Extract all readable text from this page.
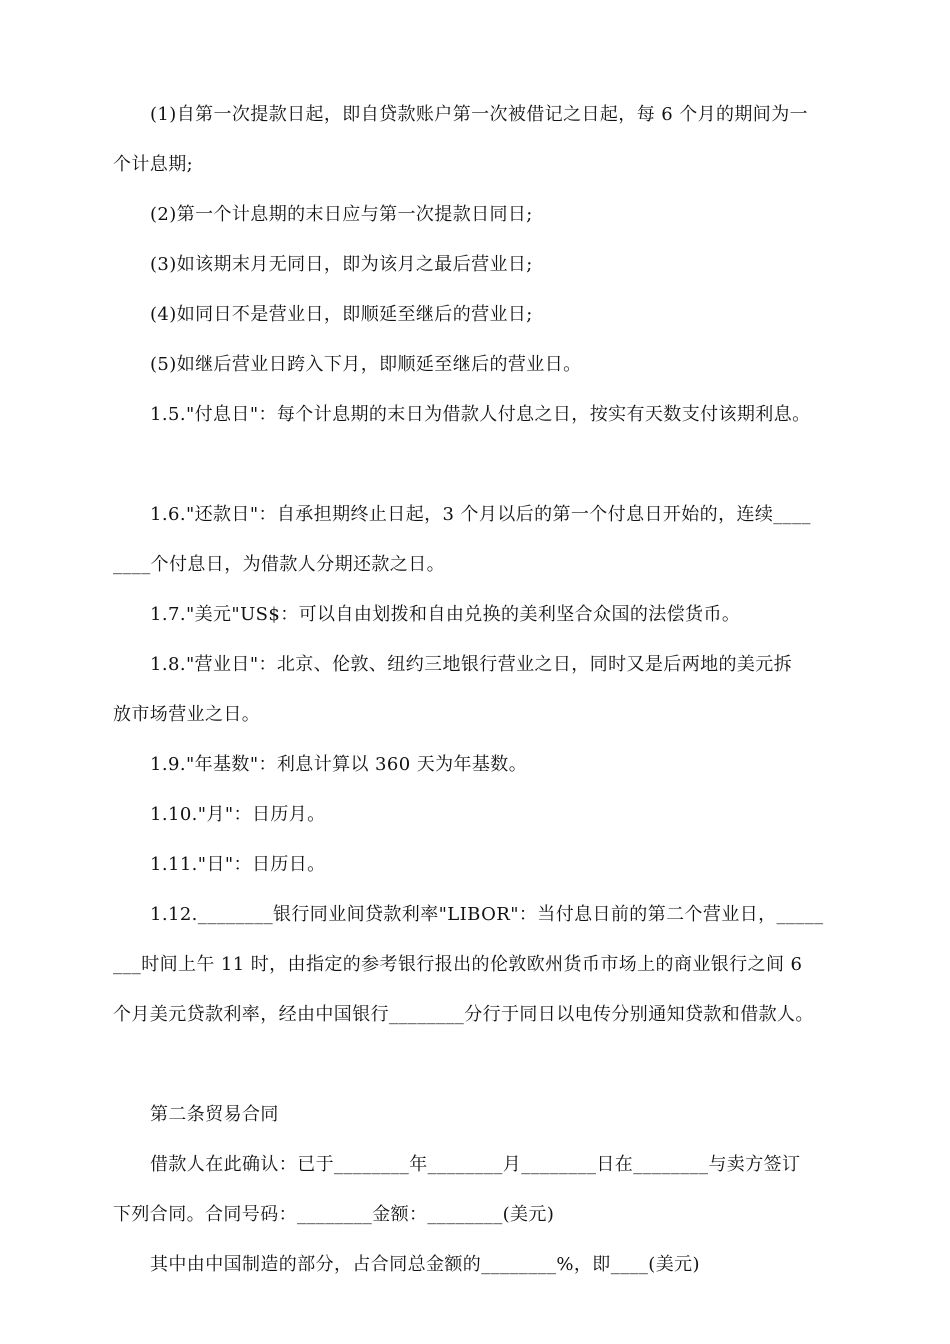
(1)自第一次提款日起，即自贷款账户第一次被借记之日起，每 6 个月的期间为一
个计息期;
(2)第一个计息期的末日应与第一次提款日同日;
(3)如该期末月无同日，即为该月之最后营业日;
(4)如同日不是营业日，即顺延至继后的营业日;
(5)如继后营业日跨入下月，即顺延至继后的营业日。
1.5."付息日"：每个计息期的末日为借款人付息之日，按实有天数支付该期利息。
1.6."还款日"：自承担期终止日起，3 个月以后的第一个付息日开始的，连续____
____个付息日，为借款人分期还款之日。
1.7."美元"US$：可以自由划拨和自由兑换的美利坚合众国的法偿货币。
1.8."营业日"：北京、伦敦、纽约三地银行营业之日，同时又是后两地的美元拆
放市场营业之日。
1.9."年基数"：利息计算以 360 天为年基数。
1.10."月"：日历月。
1.11."日"：日历日。
1.12.________银行同业间贷款利率"LIBOR"：当付息日前的第二个营业日，_____
___时间上午 11 时，由指定的参考银行报出的伦敦欧州货币市场上的商业银行之间 6
个月美元贷款利率，经由中国银行________分行于同日以电传分别通知贷款和借款人。
第二条贸易合同
借款人在此确认：已于________年________月________日在________与卖方签订
下列合同。合同号码：________金额：________(美元)
其中由中国制造的部分，占合同总金额的________%，即____(美元)
